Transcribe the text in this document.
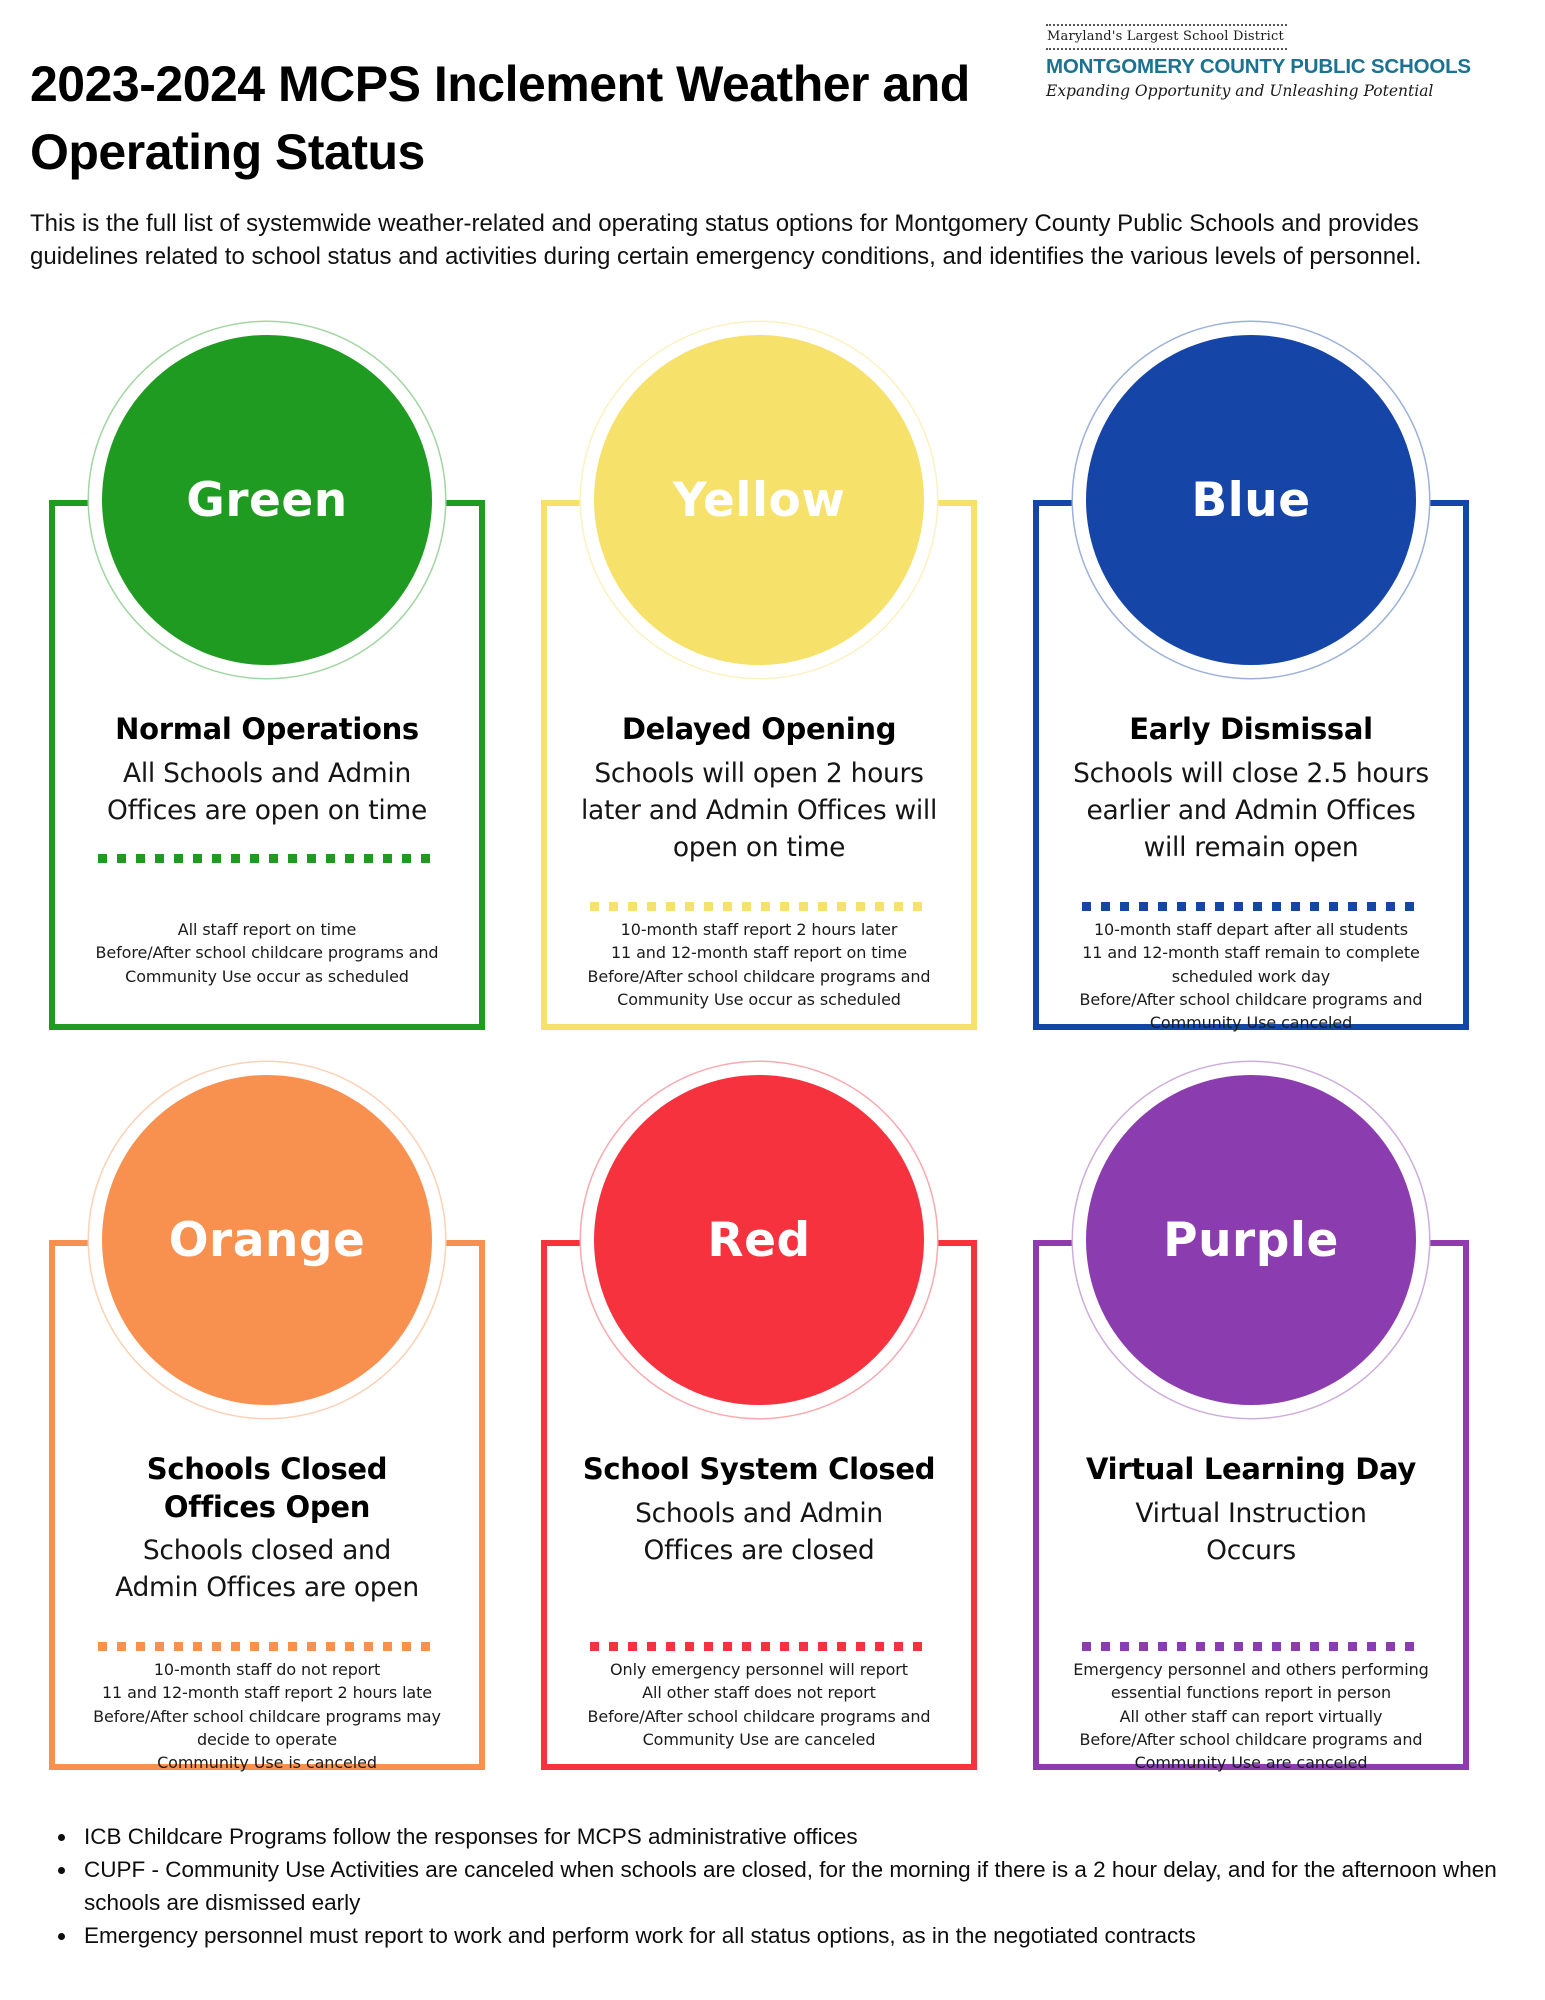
2023-2024 MCPS Inclement Weather and Operating Status
Maryland's Largest School District
MONTGOMERY COUNTY PUBLIC SCHOOLS
Expanding Opportunity and Unleashing Potential

This is the full list of systemwide weather-related and operating status options for Montgomery County Public Schools and provides guidelines related to school status and activities during certain emergency conditions, and identifies the various levels of personnel.

Green
Normal Operations
All Schools and Admin
Offices are open on time
All staff report on time
Before/After school childcare programs and
Community Use occur as scheduled
Yellow
Delayed Opening
Schools will open 2 hours
later and Admin Offices will
open on time
10-month staff report 2 hours later
11 and 12-month staff report on time
Before/After school childcare programs and
Community Use occur as scheduled
Blue
Early Dismissal
Schools will close 2.5 hours
earlier and Admin Offices
will remain open
10-month staff depart after all students
11 and 12-month staff remain to complete
scheduled work day
Before/After school childcare programs and
Community Use canceled
Orange
Schools Closed
Offices Open
Schools closed and
Admin Offices are open
10-month staff do not report
11 and 12-month staff report 2 hours late
Before/After school childcare programs may
decide to operate
Community Use is canceled
Red
School System Closed
Schools and Admin
Offices are closed
Only emergency personnel will report
All other staff does not report
Before/After school childcare programs and
Community Use are canceled
Purple
Virtual Learning Day
Virtual Instruction
Occurs
Emergency personnel and others performing
essential functions report in person
All other staff can report virtually
Before/After school childcare programs and
Community Use are canceled
• ICB Childcare Programs follow the responses for MCPS administrative offices
• CUPF - Community Use Activities are canceled when schools are closed, for the morning if there is a 2 hour delay, and for the afternoon when schools are dismissed early
• Emergency personnel must report to work and perform work for all status options, as in the negotiated contracts
